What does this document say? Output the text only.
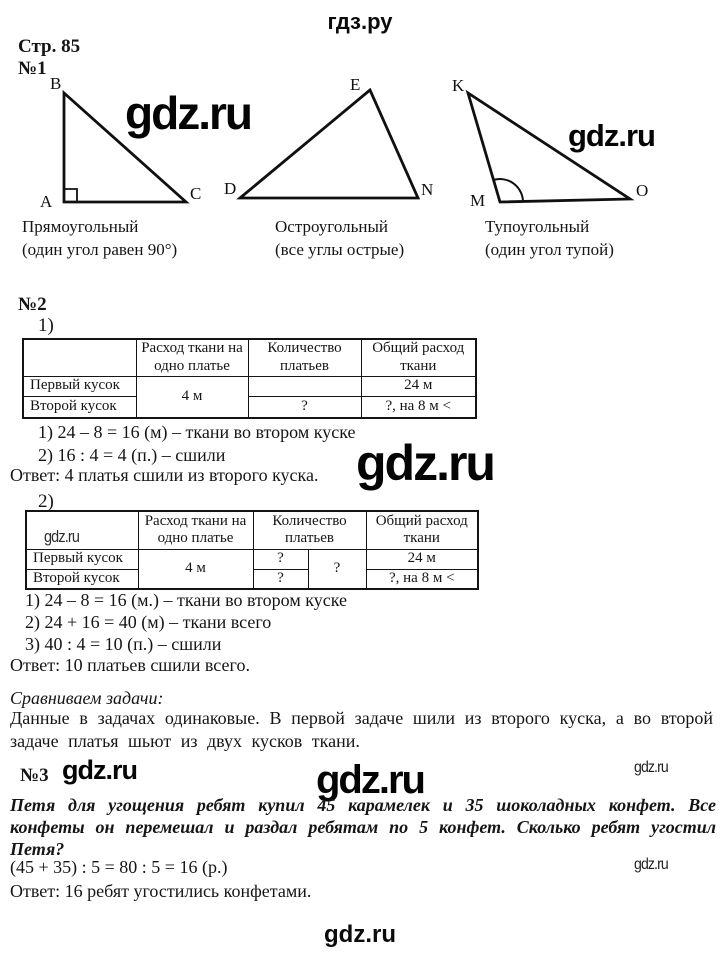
гдз.ру
Стр. 85
№1
B
A	C
E
D	N
K
M
O
gdz.ru	gdz.ru
Прямоугольный
(один угол равен 90°)
Остроугольный
(все углы острые)
Тупоугольный
(один угол тупой)
№2
1)
	Расход ткани на одно платье	Количество платьев	Общий расход ткани
Первый кусок	4 м		24 м
Второй кусок		?	?, на 8 м <
1) 24 – 8 = 16 (м) – ткани во втором куске
2) 16 : 4 = 4 (п.) – сшили
Ответ: 4 платья сшили из второго куска. gdz.ru
2)
	Расход ткани на одно платье	Количество платьев		Общий расход ткани
Первый кусок	4 м	?	?	24 м
Второй кусок		?		?, на 8 м <
gdz.ru
1) 24 – 8 = 16 (м.) – ткани во втором куске
2) 24 + 16 = 40 (м) – ткани всего
3) 40 : 4 = 10 (п.) – сшили
Ответ: 10 платьев сшили всего.
Сравниваем задачи:
Данные в задачах одинаковые. В первой задаче шили из второго куска, а во второй задаче платья шьют из двух кусков ткани.
№3 gdz.ru	gdz.ru	gdz.ru
Петя для угощения ребят купил 45 карамелек и 35 шоколадных конфет. Все конфеты он перемешал и раздал ребятам по 5 конфет. Сколько ребят угостил Петя?
(45 + 35) : 5 = 80 : 5 = 16 (р.)
Ответ: 16 ребят угостились конфетами.
gdz.ru
gdz.ru
